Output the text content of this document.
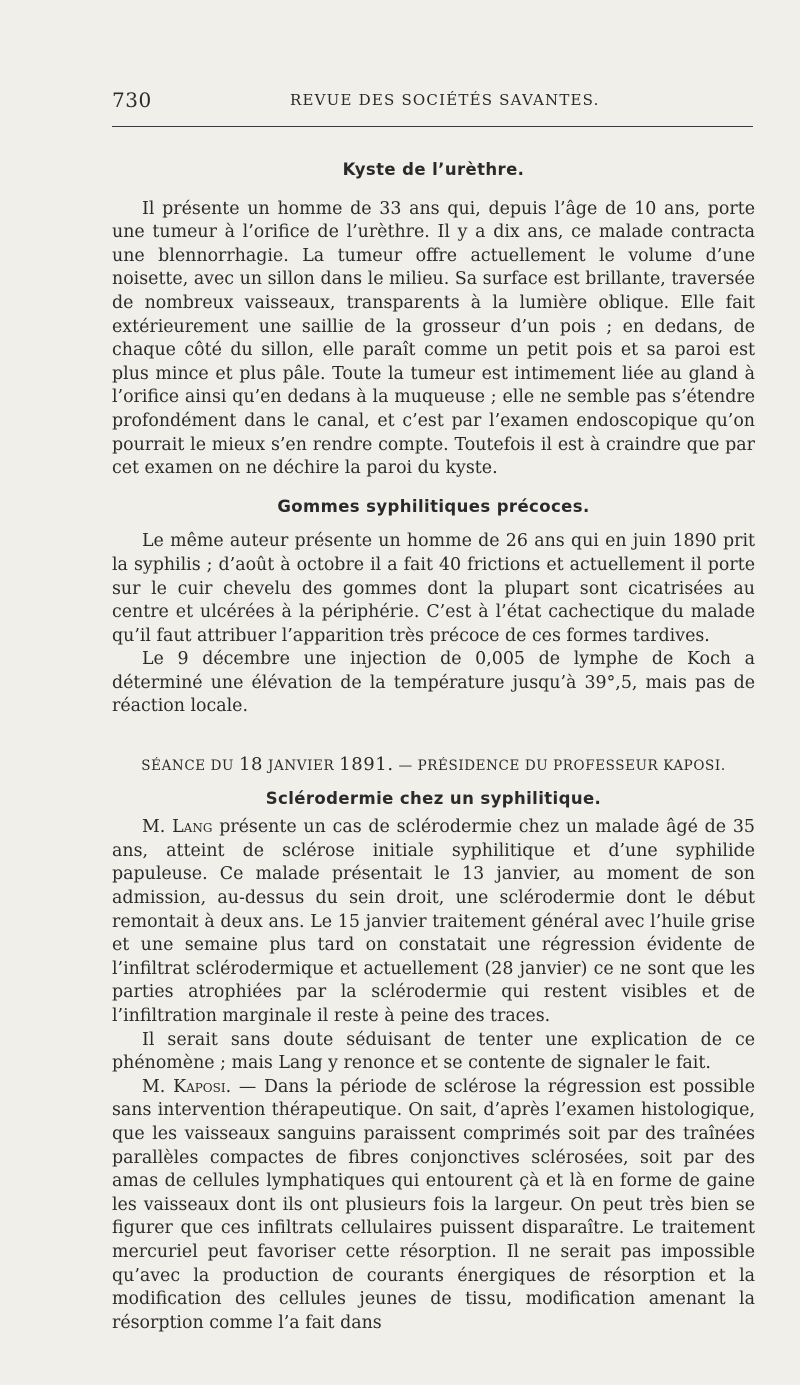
730	REVUE DES SOCIÉTÉS SAVANTES.
Kyste de l’urèthre.

Il présente un homme de 33 ans qui, depuis l’âge de 10 ans, porte une tumeur à l’orifice de l’urèthre. Il y a dix ans, ce malade contracta une blennorrhagie. La tumeur offre actuellement le volume d’une noisette, avec un sillon dans le milieu. Sa surface est brillante, traversée de nombreux vaisseaux, transparents à la lumière oblique. Elle fait extérieurement une saillie de la grosseur d’un pois ; en dedans, de chaque côté du sillon, elle paraît comme un petit pois et sa paroi est plus mince et plus pâle. Toute la tumeur est intimement liée au gland à l’orifice ainsi qu’en dedans à la muqueuse ; elle ne semble pas s’étendre profondément dans le canal, et c’est par l’examen endoscopique qu’on pourrait le mieux s’en rendre compte. Toutefois il est à craindre que par cet examen on ne déchire la paroi du kyste.

Gommes syphilitiques précoces.

Le même auteur présente un homme de 26 ans qui en juin 1890 prit la syphilis ; d’août à octobre il a fait 40 frictions et actuellement il porte sur le cuir chevelu des gommes dont la plupart sont cicatrisées au centre et ulcérées à la périphérie. C’est à l’état cachectique du malade qu’il faut attribuer l’apparition très précoce de ces formes tardives.

Le 9 décembre une injection de 0,005 de lymphe de Koch a déterminé une élévation de la température jusqu’à 39°,5, mais pas de réaction locale.

SÉANCE DU 18 JANVIER 1891. — PRÉSIDENCE DU PROFESSEUR KAPOSI.

Sclérodermie chez un syphilitique.

M. Lang présente un cas de sclérodermie chez un malade âgé de 35 ans, atteint de sclérose initiale syphilitique et d’une syphilide papuleuse. Ce malade présentait le 13 janvier, au moment de son admission, au-dessus du sein droit, une sclérodermie dont le début remontait à deux ans. Le 15 janvier traitement général avec l’huile grise et une semaine plus tard on constatait une régression évidente de l’infiltrat sclérodermique et actuellement (28 janvier) ce ne sont que les parties atrophiées par la sclérodermie qui restent visibles et de l’infiltration marginale il reste à peine des traces.

Il serait sans doute séduisant de tenter une explication de ce phénomène ; mais Lang y renonce et se contente de signaler le fait.

M. Kaposi. — Dans la période de sclérose la régression est possible sans intervention thérapeutique. On sait, d’après l’examen histologique, que les vaisseaux sanguins paraissent comprimés soit par des traînées parallèles compactes de fibres conjonctives sclérosées, soit par des amas de cellules lymphatiques qui entourent çà et là en forme de gaine les vaisseaux dont ils ont plusieurs fois la largeur. On peut très bien se figurer que ces infiltrats cellulaires puissent disparaître. Le traitement mercuriel peut favoriser cette résorption. Il ne serait pas impossible qu’avec la production de courants énergiques de résorption et la modification des cellules jeunes de tissu, modification amenant la résorption comme l’a fait dans
